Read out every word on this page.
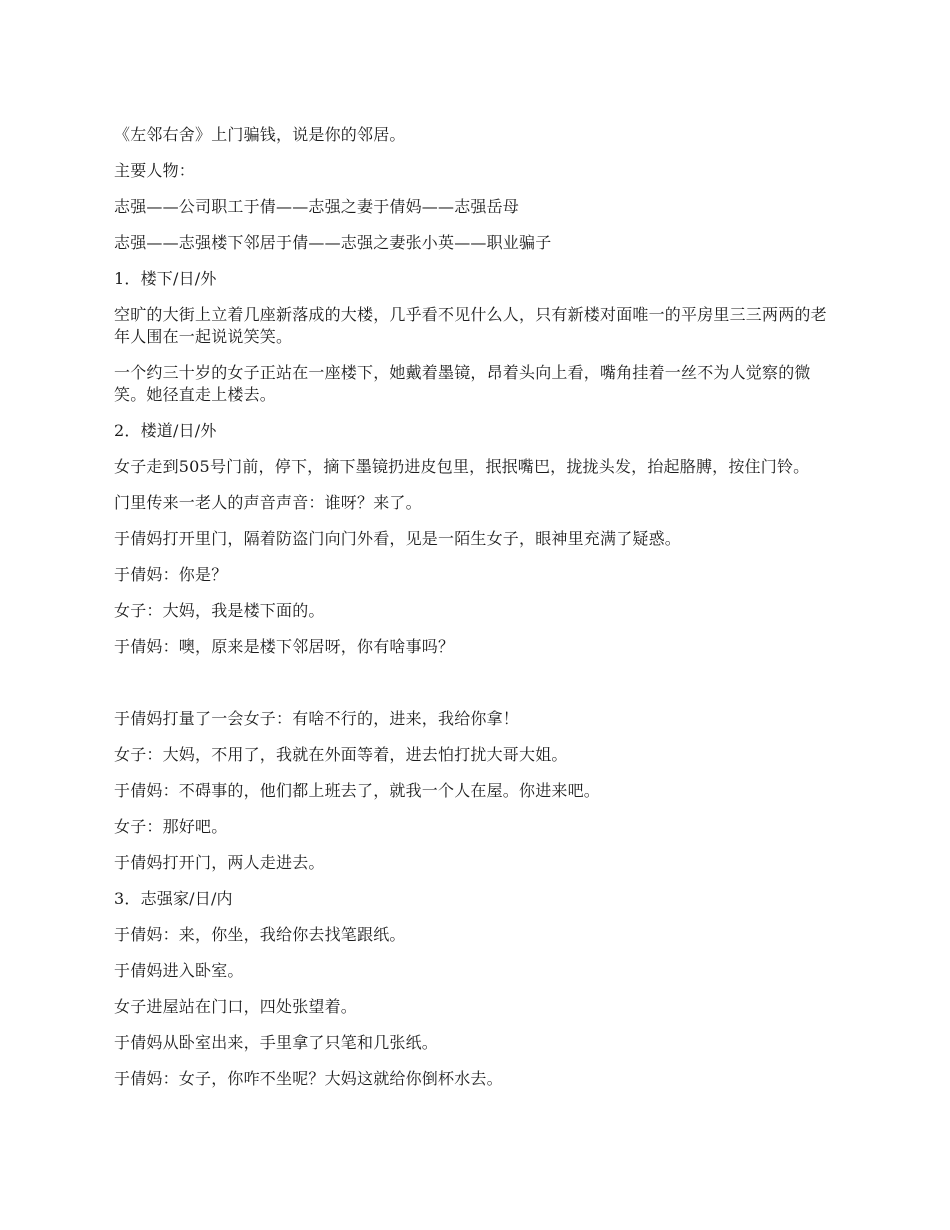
《左邻右舍》上门骗钱，说是你的邻居。

主要人物：

志强——公司职工于倩——志强之妻于倩妈——志强岳母

志强——志强楼下邻居于倩——志强之妻张小英——职业骗子

1．楼下/日/外

空旷的大街上立着几座新落成的大楼，几乎看不见什么人，只有新楼对面唯一的平房里三三两两的老年人围在一起说说笑笑。

一个约三十岁的女子正站在一座楼下，她戴着墨镜，昂着头向上看，嘴角挂着一丝不为人觉察的微笑。她径直走上楼去。

2．楼道/日/外

女子走到505号门前，停下，摘下墨镜扔进皮包里，抿抿嘴巴，拢拢头发，抬起胳膊，按住门铃。

门里传来一老人的声音声音：谁呀？来了。

于倩妈打开里门，隔着防盗门向门外看，见是一陌生女子，眼神里充满了疑惑。

于倩妈：你是？

女子：大妈，我是楼下面的。

于倩妈：噢，原来是楼下邻居呀，你有啥事吗？

于倩妈打量了一会女子：有啥不行的，进来，我给你拿！

女子：大妈，不用了，我就在外面等着，进去怕打扰大哥大姐。

于倩妈：不碍事的，他们都上班去了，就我一个人在屋。你进来吧。

女子：那好吧。

于倩妈打开门，两人走进去。

3．志强家/日/内

于倩妈：来，你坐，我给你去找笔跟纸。

于倩妈进入卧室。

女子进屋站在门口，四处张望着。

于倩妈从卧室出来，手里拿了只笔和几张纸。

于倩妈：女子，你咋不坐呢？大妈这就给你倒杯水去。
